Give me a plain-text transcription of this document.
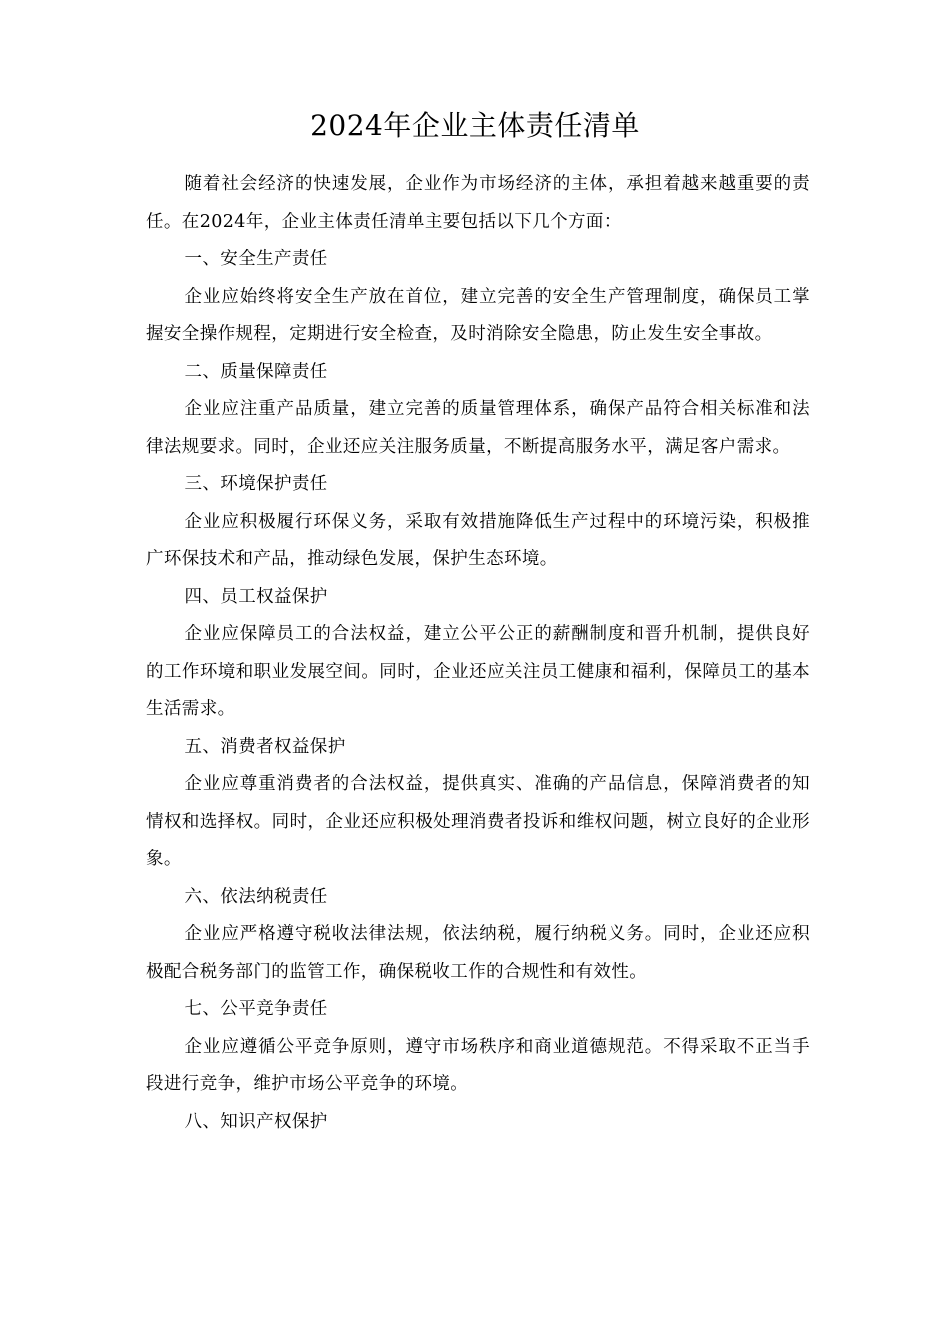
2024年企业主体责任清单

随着社会经济的快速发展，企业作为市场经济的主体，承担着越来越重要的责任。在2024年，企业主体责任清单主要包括以下几个方面：

一、安全生产责任

企业应始终将安全生产放在首位，建立完善的安全生产管理制度，确保员工掌握安全操作规程，定期进行安全检查，及时消除安全隐患，防止发生安全事故。

二、质量保障责任

企业应注重产品质量，建立完善的质量管理体系，确保产品符合相关标准和法律法规要求。同时，企业还应关注服务质量，不断提高服务水平，满足客户需求。

三、环境保护责任

企业应积极履行环保义务，采取有效措施降低生产过程中的环境污染，积极推广环保技术和产品，推动绿色发展，保护生态环境。

四、员工权益保护

企业应保障员工的合法权益，建立公平公正的薪酬制度和晋升机制，提供良好的工作环境和职业发展空间。同时，企业还应关注员工健康和福利，保障员工的基本生活需求。

五、消费者权益保护

企业应尊重消费者的合法权益，提供真实、准确的产品信息，保障消费者的知情权和选择权。同时，企业还应积极处理消费者投诉和维权问题，树立良好的企业形象。

六、依法纳税责任

企业应严格遵守税收法律法规，依法纳税，履行纳税义务。同时，企业还应积极配合税务部门的监管工作，确保税收工作的合规性和有效性。

七、公平竞争责任

企业应遵循公平竞争原则，遵守市场秩序和商业道德规范。不得采取不正当手段进行竞争，维护市场公平竞争的环境。

八、知识产权保护
